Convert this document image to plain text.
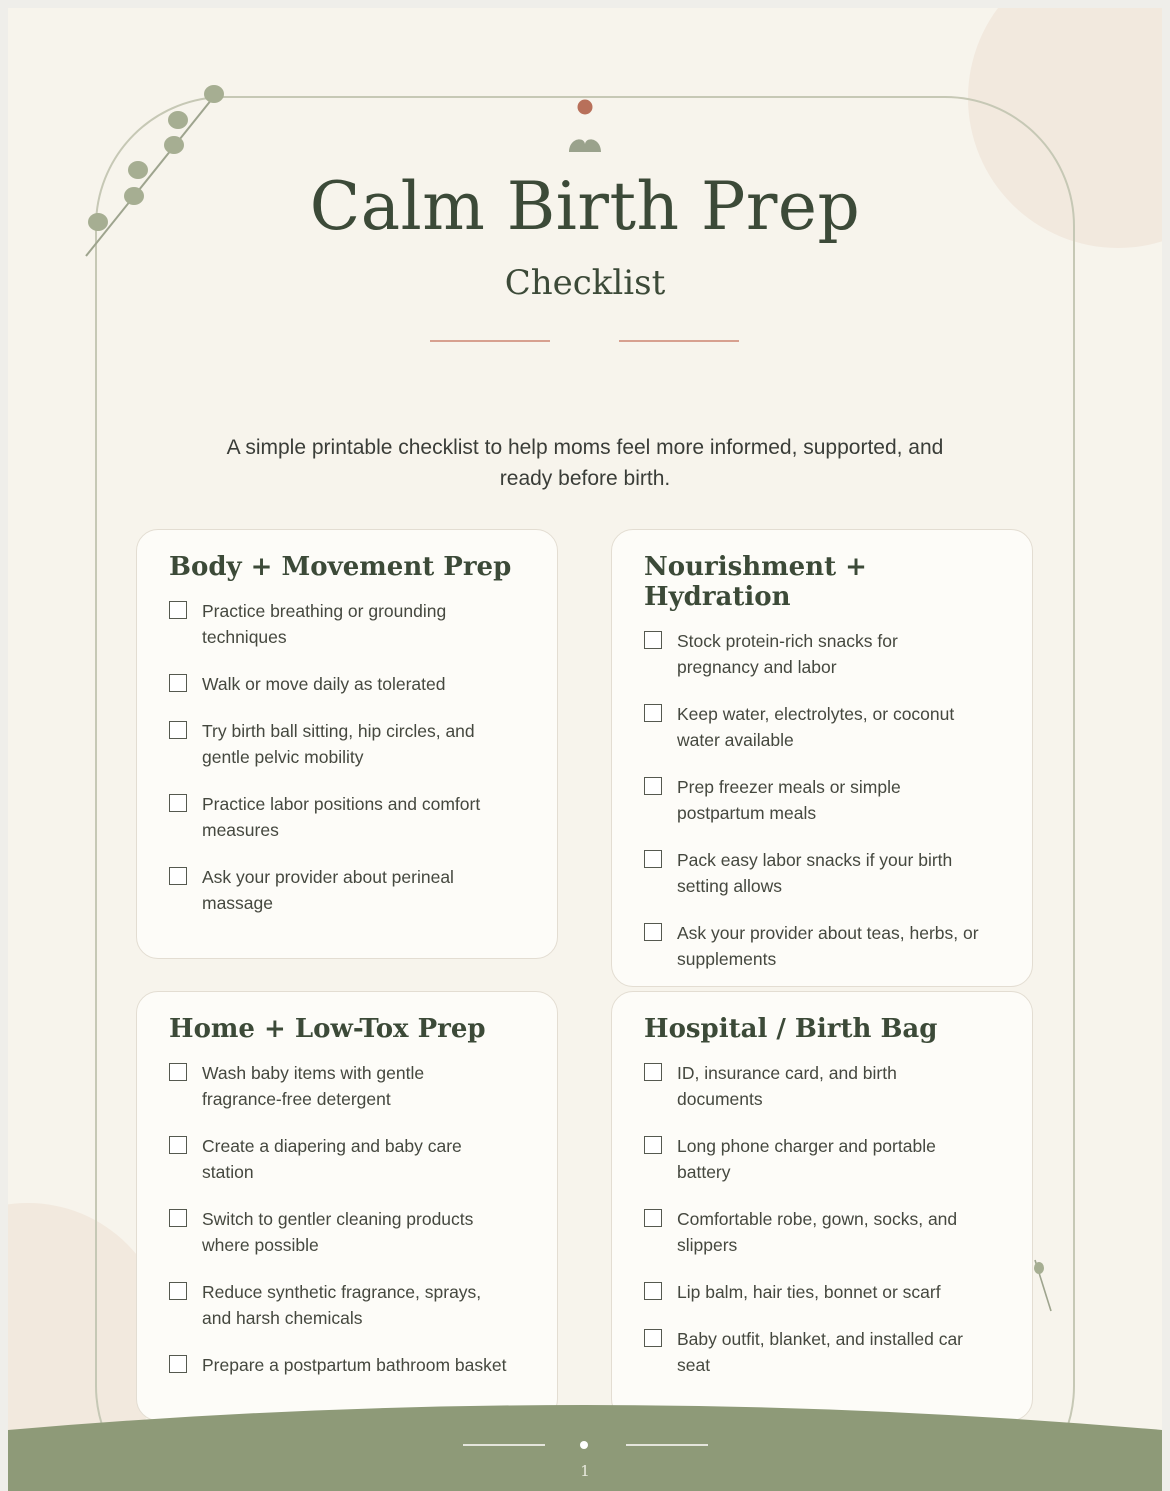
Calm Birth Prep
Checklist

A simple printable checklist to help moms feel more informed, supported, and ready before birth.

Body + Movement Prep
Practice breathing or grounding techniques
Walk or move daily as tolerated
Try birth ball sitting, hip circles, and gentle pelvic mobility
Practice labor positions and comfort measures
Ask your provider about perineal massage
Nourishment + Hydration
Stock protein-rich snacks for pregnancy and labor
Keep water, electrolytes, or coconut water available
Prep freezer meals or simple postpartum meals
Pack easy labor snacks if your birth setting allows
Ask your provider about teas, herbs, or supplements
Home + Low-Tox Prep
Wash baby items with gentle fragrance-free detergent
Create a diapering and baby care station
Switch to gentler cleaning products where possible
Reduce synthetic fragrance, sprays, and harsh chemicals
Prepare a postpartum bathroom basket
Hospital / Birth Bag
ID, insurance card, and birth documents
Long phone charger and portable battery
Comfortable robe, gown, socks, and slippers
Lip balm, hair ties, bonnet or scarf
Baby outfit, blanket, and installed car seat
1
